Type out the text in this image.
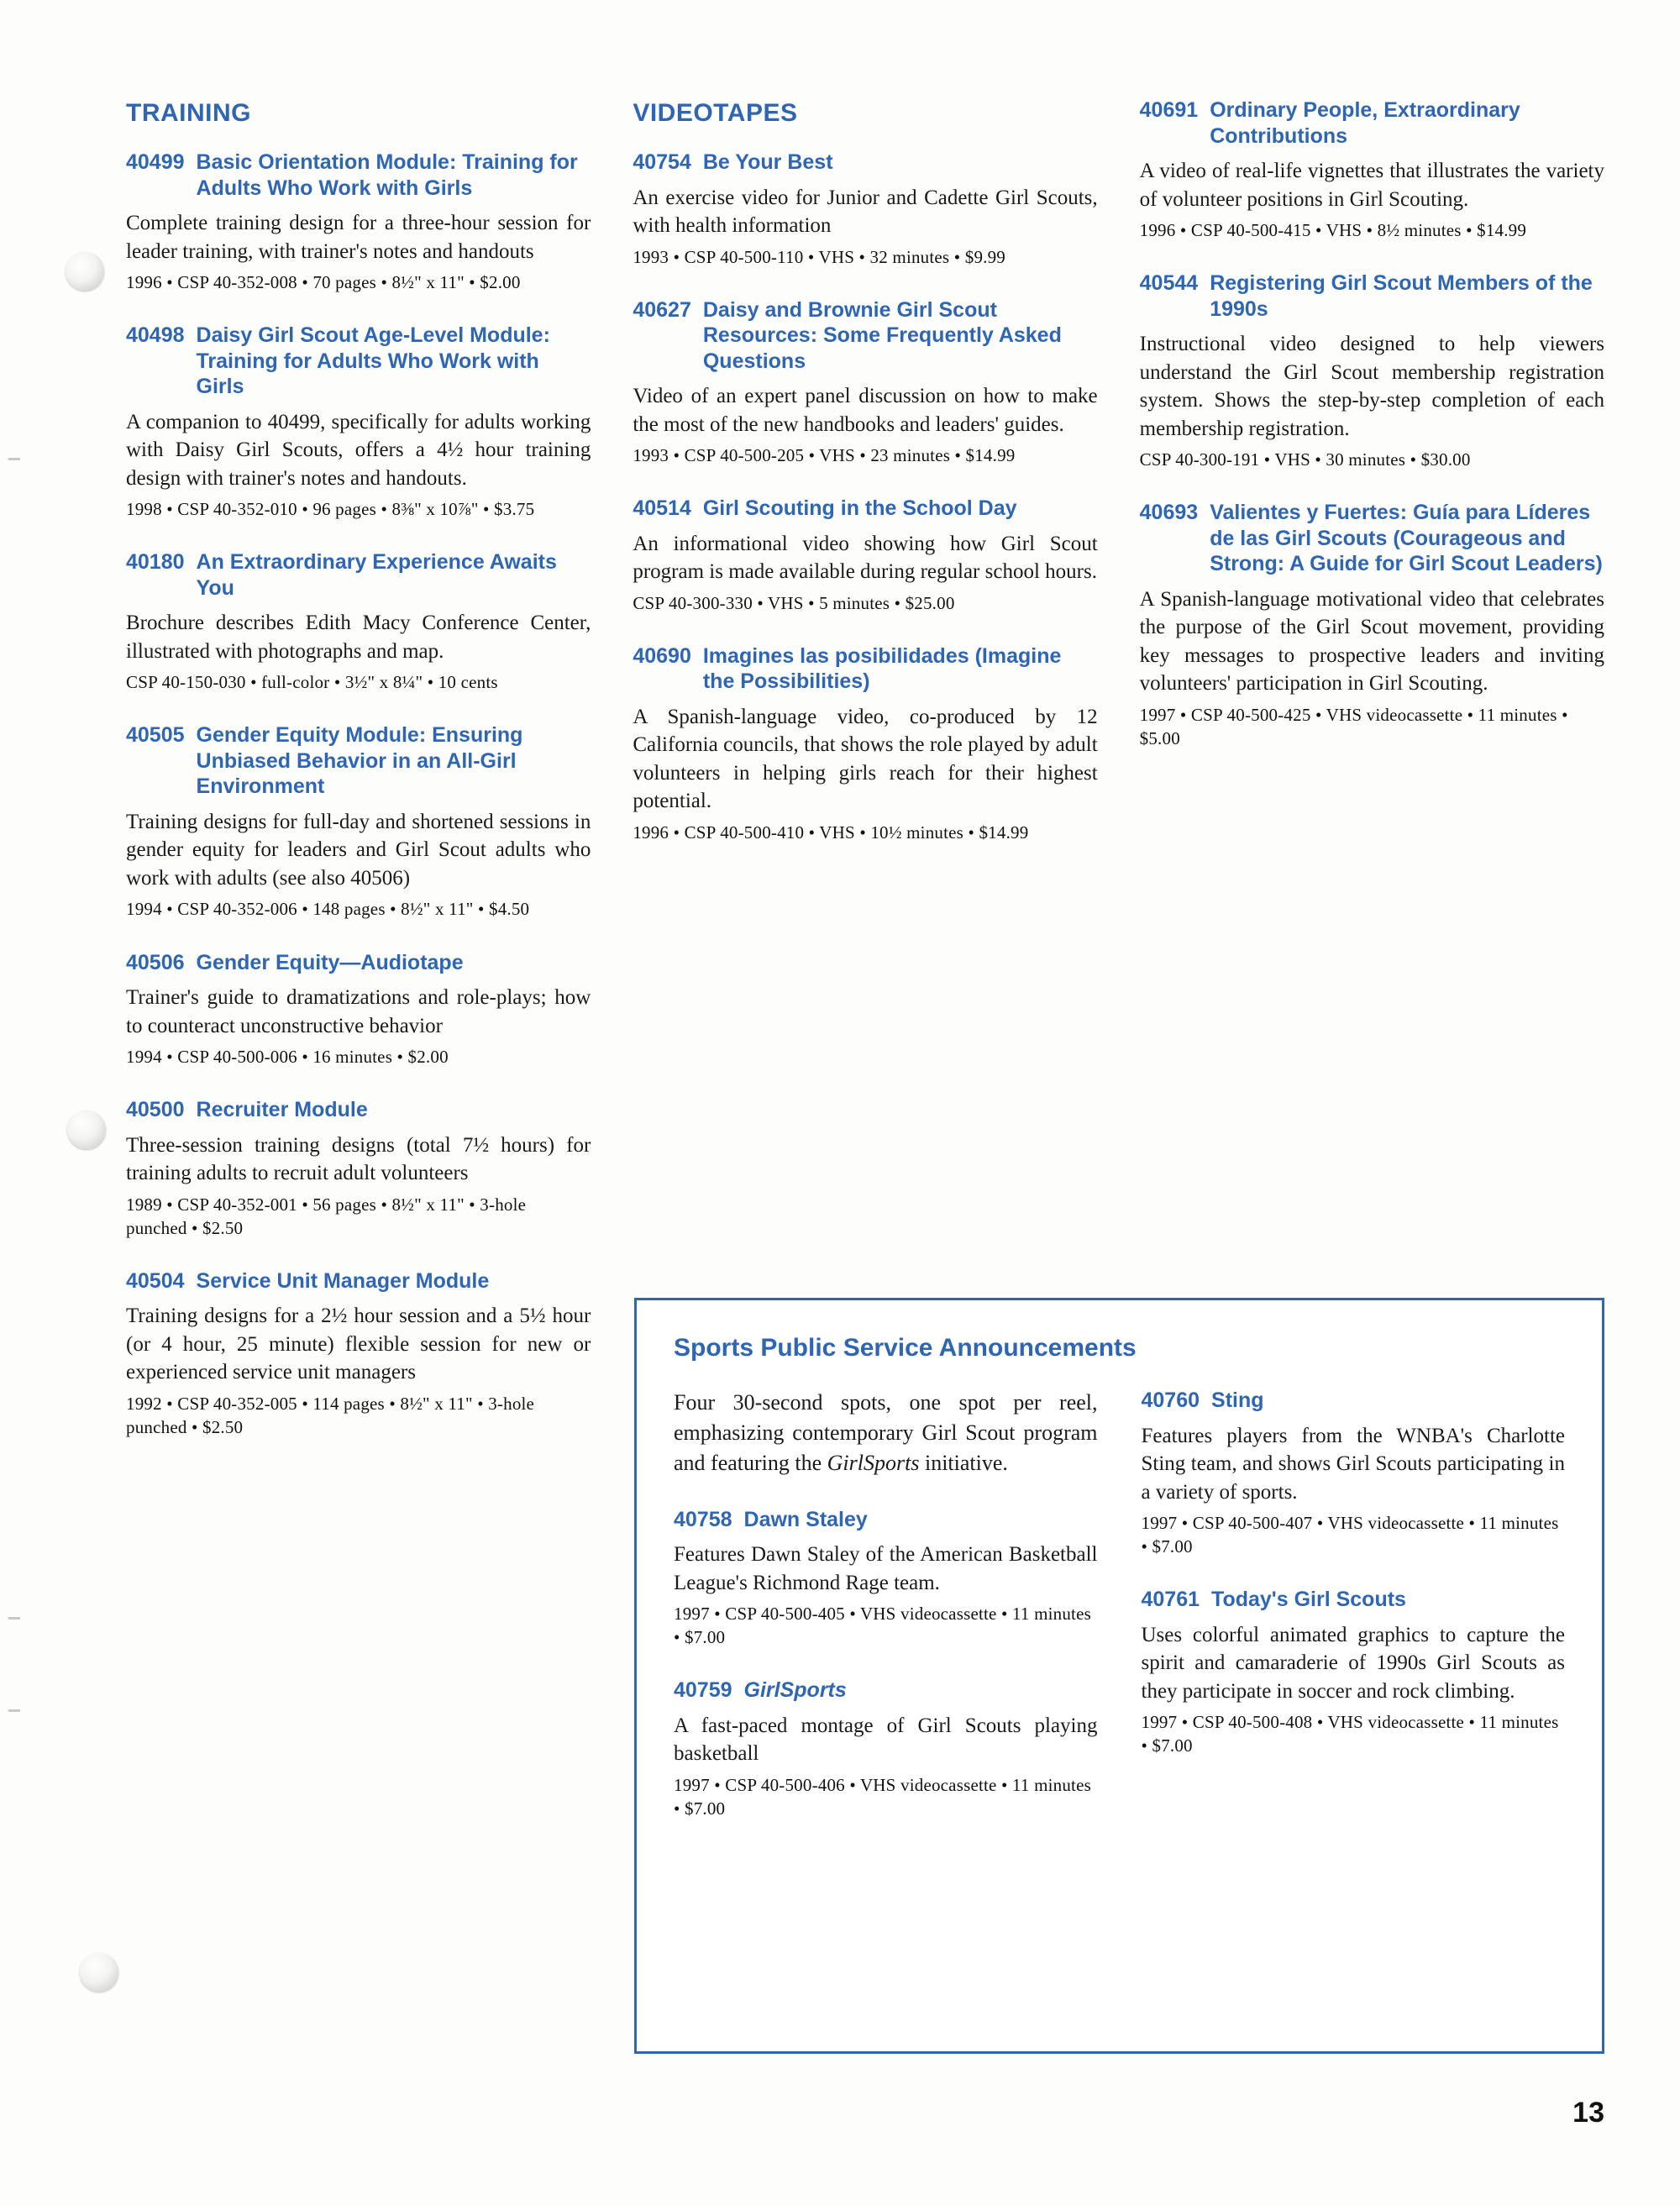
TRAINING
40499 Basic Orientation Module: Training for Adults Who Work with Girls
Complete training design for a three-hour session for leader training, with trainer's notes and handouts
1996 • CSP 40-352-008 • 70 pages • 8½" x 11" • $2.00
40498 Daisy Girl Scout Age-Level Module: Training for Adults Who Work with Girls
A companion to 40499, specifically for adults working with Daisy Girl Scouts, offers a 4½ hour training design with trainer's notes and handouts.
1998 • CSP 40-352-010 • 96 pages • 8⅜" x 10⅞" • $3.75
40180 An Extraordinary Experience Awaits You
Brochure describes Edith Macy Conference Center, illustrated with photographs and map.
CSP 40-150-030 • full-color • 3½" x 8¼" • 10 cents
40505 Gender Equity Module: Ensuring Unbiased Behavior in an All-Girl Environment
Training designs for full-day and shortened sessions in gender equity for leaders and Girl Scout adults who work with adults (see also 40506)
1994 • CSP 40-352-006 • 148 pages • 8½" x 11" • $4.50
40506 Gender Equity—Audiotape
Trainer's guide to dramatizations and role-plays; how to counteract unconstructive behavior
1994 • CSP 40-500-006 • 16 minutes • $2.00
40500 Recruiter Module
Three-session training designs (total 7½ hours) for training adults to recruit adult volunteers
1989 • CSP 40-352-001 • 56 pages • 8½" x 11" • 3-hole punched • $2.50
40504 Service Unit Manager Module
Training designs for a 2½ hour session and a 5½ hour (or 4 hour, 25 minute) flexible session for new or experienced service unit managers
1992 • CSP 40-352-005 • 114 pages • 8½" x 11" • 3-hole punched • $2.50
VIDEOTAPES
40754 Be Your Best
An exercise video for Junior and Cadette Girl Scouts, with health information
1993 • CSP 40-500-110 • VHS • 32 minutes • $9.99
40627 Daisy and Brownie Girl Scout Resources: Some Frequently Asked Questions
Video of an expert panel discussion on how to make the most of the new handbooks and leaders' guides.
1993 • CSP 40-500-205 • VHS • 23 minutes • $14.99
40514 Girl Scouting in the School Day
An informational video showing how Girl Scout program is made available during regular school hours.
CSP 40-300-330 • VHS • 5 minutes • $25.00
40690 Imagines las posibilidades (Imagine the Possibilities)
A Spanish-language video, co-produced by 12 California councils, that shows the role played by adult volunteers in helping girls reach for their highest potential.
1996 • CSP 40-500-410 • VHS • 10½ minutes • $14.99
40691 Ordinary People, Extraordinary Contributions
A video of real-life vignettes that illustrates the variety of volunteer positions in Girl Scouting.
1996 • CSP 40-500-415 • VHS • 8½ minutes • $14.99
40544 Registering Girl Scout Members of the 1990s
Instructional video designed to help viewers understand the Girl Scout membership registration system. Shows the step-by-step completion of each membership registration.
CSP 40-300-191 • VHS • 30 minutes • $30.00
40693 Valientes y Fuertes: Guía para Líderes de las Girl Scouts (Courageous and Strong: A Guide for Girl Scout Leaders)
A Spanish-language motivational video that celebrates the purpose of the Girl Scout movement, providing key messages to prospective leaders and inviting volunteers' participation in Girl Scouting.
1997 • CSP 40-500-425 • VHS videocassette • 11 minutes • $5.00
Sports Public Service Announcements
Four 30-second spots, one spot per reel, emphasizing contemporary Girl Scout program and featuring the GirlSports initiative.
40758 Dawn Staley
Features Dawn Staley of the American Basketball League's Richmond Rage team.
1997 • CSP 40-500-405 • VHS videocassette • 11 minutes • $7.00
40759 GirlSports
A fast-paced montage of Girl Scouts playing basketball
1997 • CSP 40-500-406 • VHS videocassette • 11 minutes • $7.00
40760 Sting
Features players from the WNBA's Charlotte Sting team, and shows Girl Scouts participating in a variety of sports.
1997 • CSP 40-500-407 • VHS videocassette • 11 minutes • $7.00
40761 Today's Girl Scouts
Uses colorful animated graphics to capture the spirit and camaraderie of 1990s Girl Scouts as they participate in soccer and rock climbing.
1997 • CSP 40-500-408 • VHS videocassette • 11 minutes • $7.00
13
